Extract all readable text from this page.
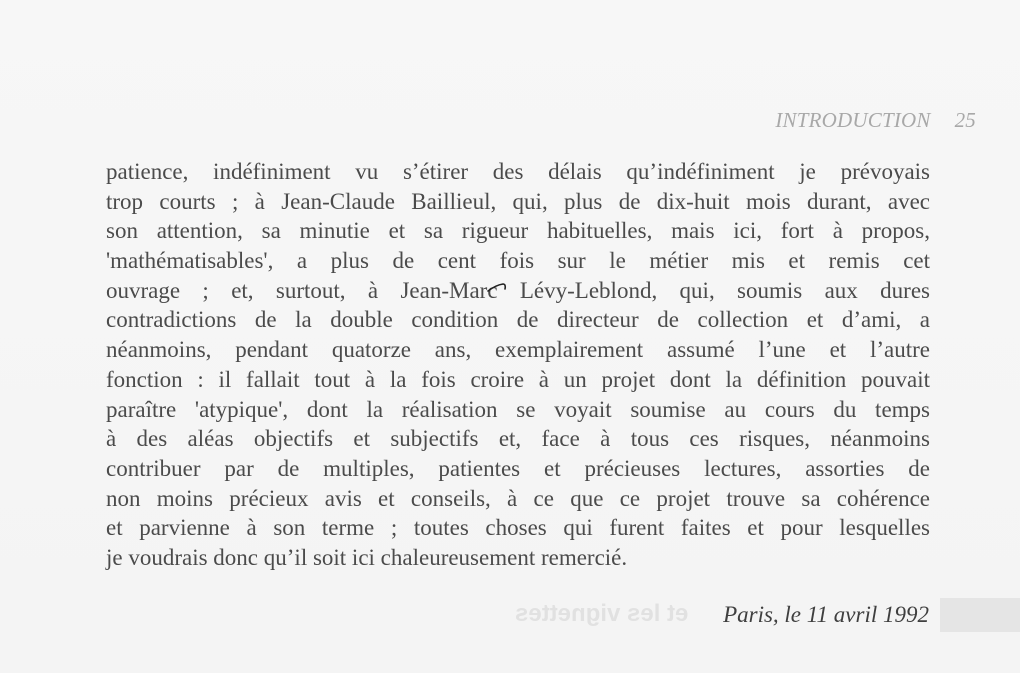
et les vignettes
INTRODUCTION 25
patience, indéfiniment vu s’étirer des délais qu’indéfiniment je prévoyais
trop courts ; à Jean-Claude Baillieul, qui, plus de dix-huit mois durant, avec
son attention, sa minutie et sa rigueur habituelles, mais ici, fort à propos,
'mathématisables', a plus de cent fois sur le métier mis et remis cet
ouvrage ; et, surtout, à Jean-Marc Lévy-Leblond, qui, soumis aux dures
contradictions de la double condition de directeur de collection et d’ami, a
néanmoins, pendant quatorze ans, exemplairement assumé l’une et l’autre
fonction : il fallait tout à la fois croire à un projet dont la définition pouvait
paraître 'atypique', dont la réalisation se voyait soumise au cours du temps
à des aléas objectifs et subjectifs et, face à tous ces risques, néanmoins
contribuer par de multiples, patientes et précieuses lectures, assorties de
non moins précieux avis et conseils, à ce que ce projet trouve sa cohérence
et parvienne à son terme ; toutes choses qui furent faites et pour lesquelles
je voudrais donc qu’il soit ici chaleureusement remercié.
Paris, le 11 avril 1992
